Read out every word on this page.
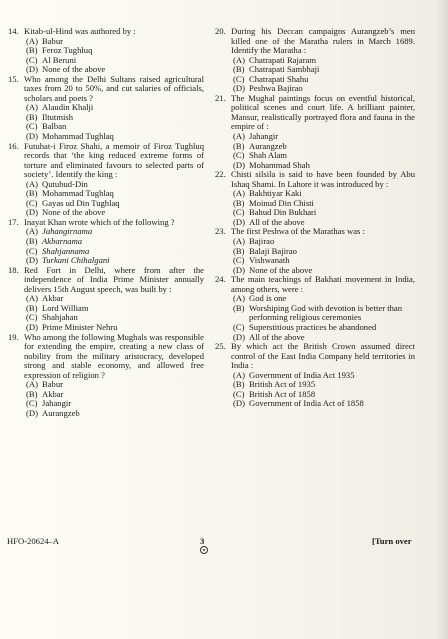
14. Kitab-ul-Hind was authored by :
(A) Babur
(B) Feroz Tughluq
(C) Al Beruni
(D) None of the above
15. Who among the Delhi Sultans raised agricultural taxes from 20 to 50%, and cut salaries of officials, scholars and poets ?
(A) Alaudin Khalji
(B) Iltutmish
(C) Balban
(D) Mohammad Tughlaq
16. Futuhat-i Firoz Shahi, a memoir of Firoz Tughluq records that ‘the king reduced extreme forms of torture and eliminated favours to selected parts of society’. Identify the king :
(A) Qutubud-Din
(B) Mohammad Tughlaq
(C) Gayas ud Din Tughlaq
(D) None of the above
17. Inayat Khan wrote which of the following ?
(A) Jahangirnama
(B) Akbarnama
(C) Shahjannama
(D) Turkani Chihalgani
18. Red Fort in Delhi, where from after the independence of India Prime Minister annually delivers 15th August speech, was built by :
(A) Akbar
(B) Lord William
(C) Shahjahan
(D) Prime Minister Nehru
19. Who among the following Mughals was responsible for extending the empire, creating a new class of nobility from the military aristocracy, developed strong and stable economy, and allowed free expression of religion ?
(A) Babur
(B) Akbar
(C) Jahangir
(D) Aurangzeb
20. During his Deccan campaigns Aurangzeb’s men killed one of the Maratha rulers in March 1689. Identify the Maratha :
(A) Chatrapati Rajaram
(B) Chatrapati Sambhaji
(C) Chatrapati Shahu
(D) Peshwa Bajirao
21. The Mughal paintings focus on eventful historical, political scenes and court life. A brilliant painter, Mansur, realistically portrayed flora and fauna in the empire of :
(A) Jahangir
(B) Aurangzeb
(C) Shah Alam
(D) Mohammad Shah
22. Chisti silsila is said to have been founded by Abu Ishaq Shami. In Lahore it was introduced by :
(A) Bakhtiyar Kaki
(B) Moinud Din Chisti
(C) Bahud Din Bukhari
(D) All of the above
23. The first Peshwa of the Marathas was :
(A) Bajirao
(B) Balaji Bajirao
(C) Vishwanath
(D) None of the above
24. The main teachings of Bakhati movement in India, among others, were :
(A) God is one
(B) Worshiping God with devotion is better than performing religious ceremonies
(C) Superstitious practices be abandoned
(D) All of the above
25. By which act the British Crown assumed direct control of the East India Company held territories in India :
(A) Government of India Act 1935
(B) British Act of 1935
(C) British Act of 1858
(D) Government of India Act of 1858
HFO-20624–A	3	[Turn over
